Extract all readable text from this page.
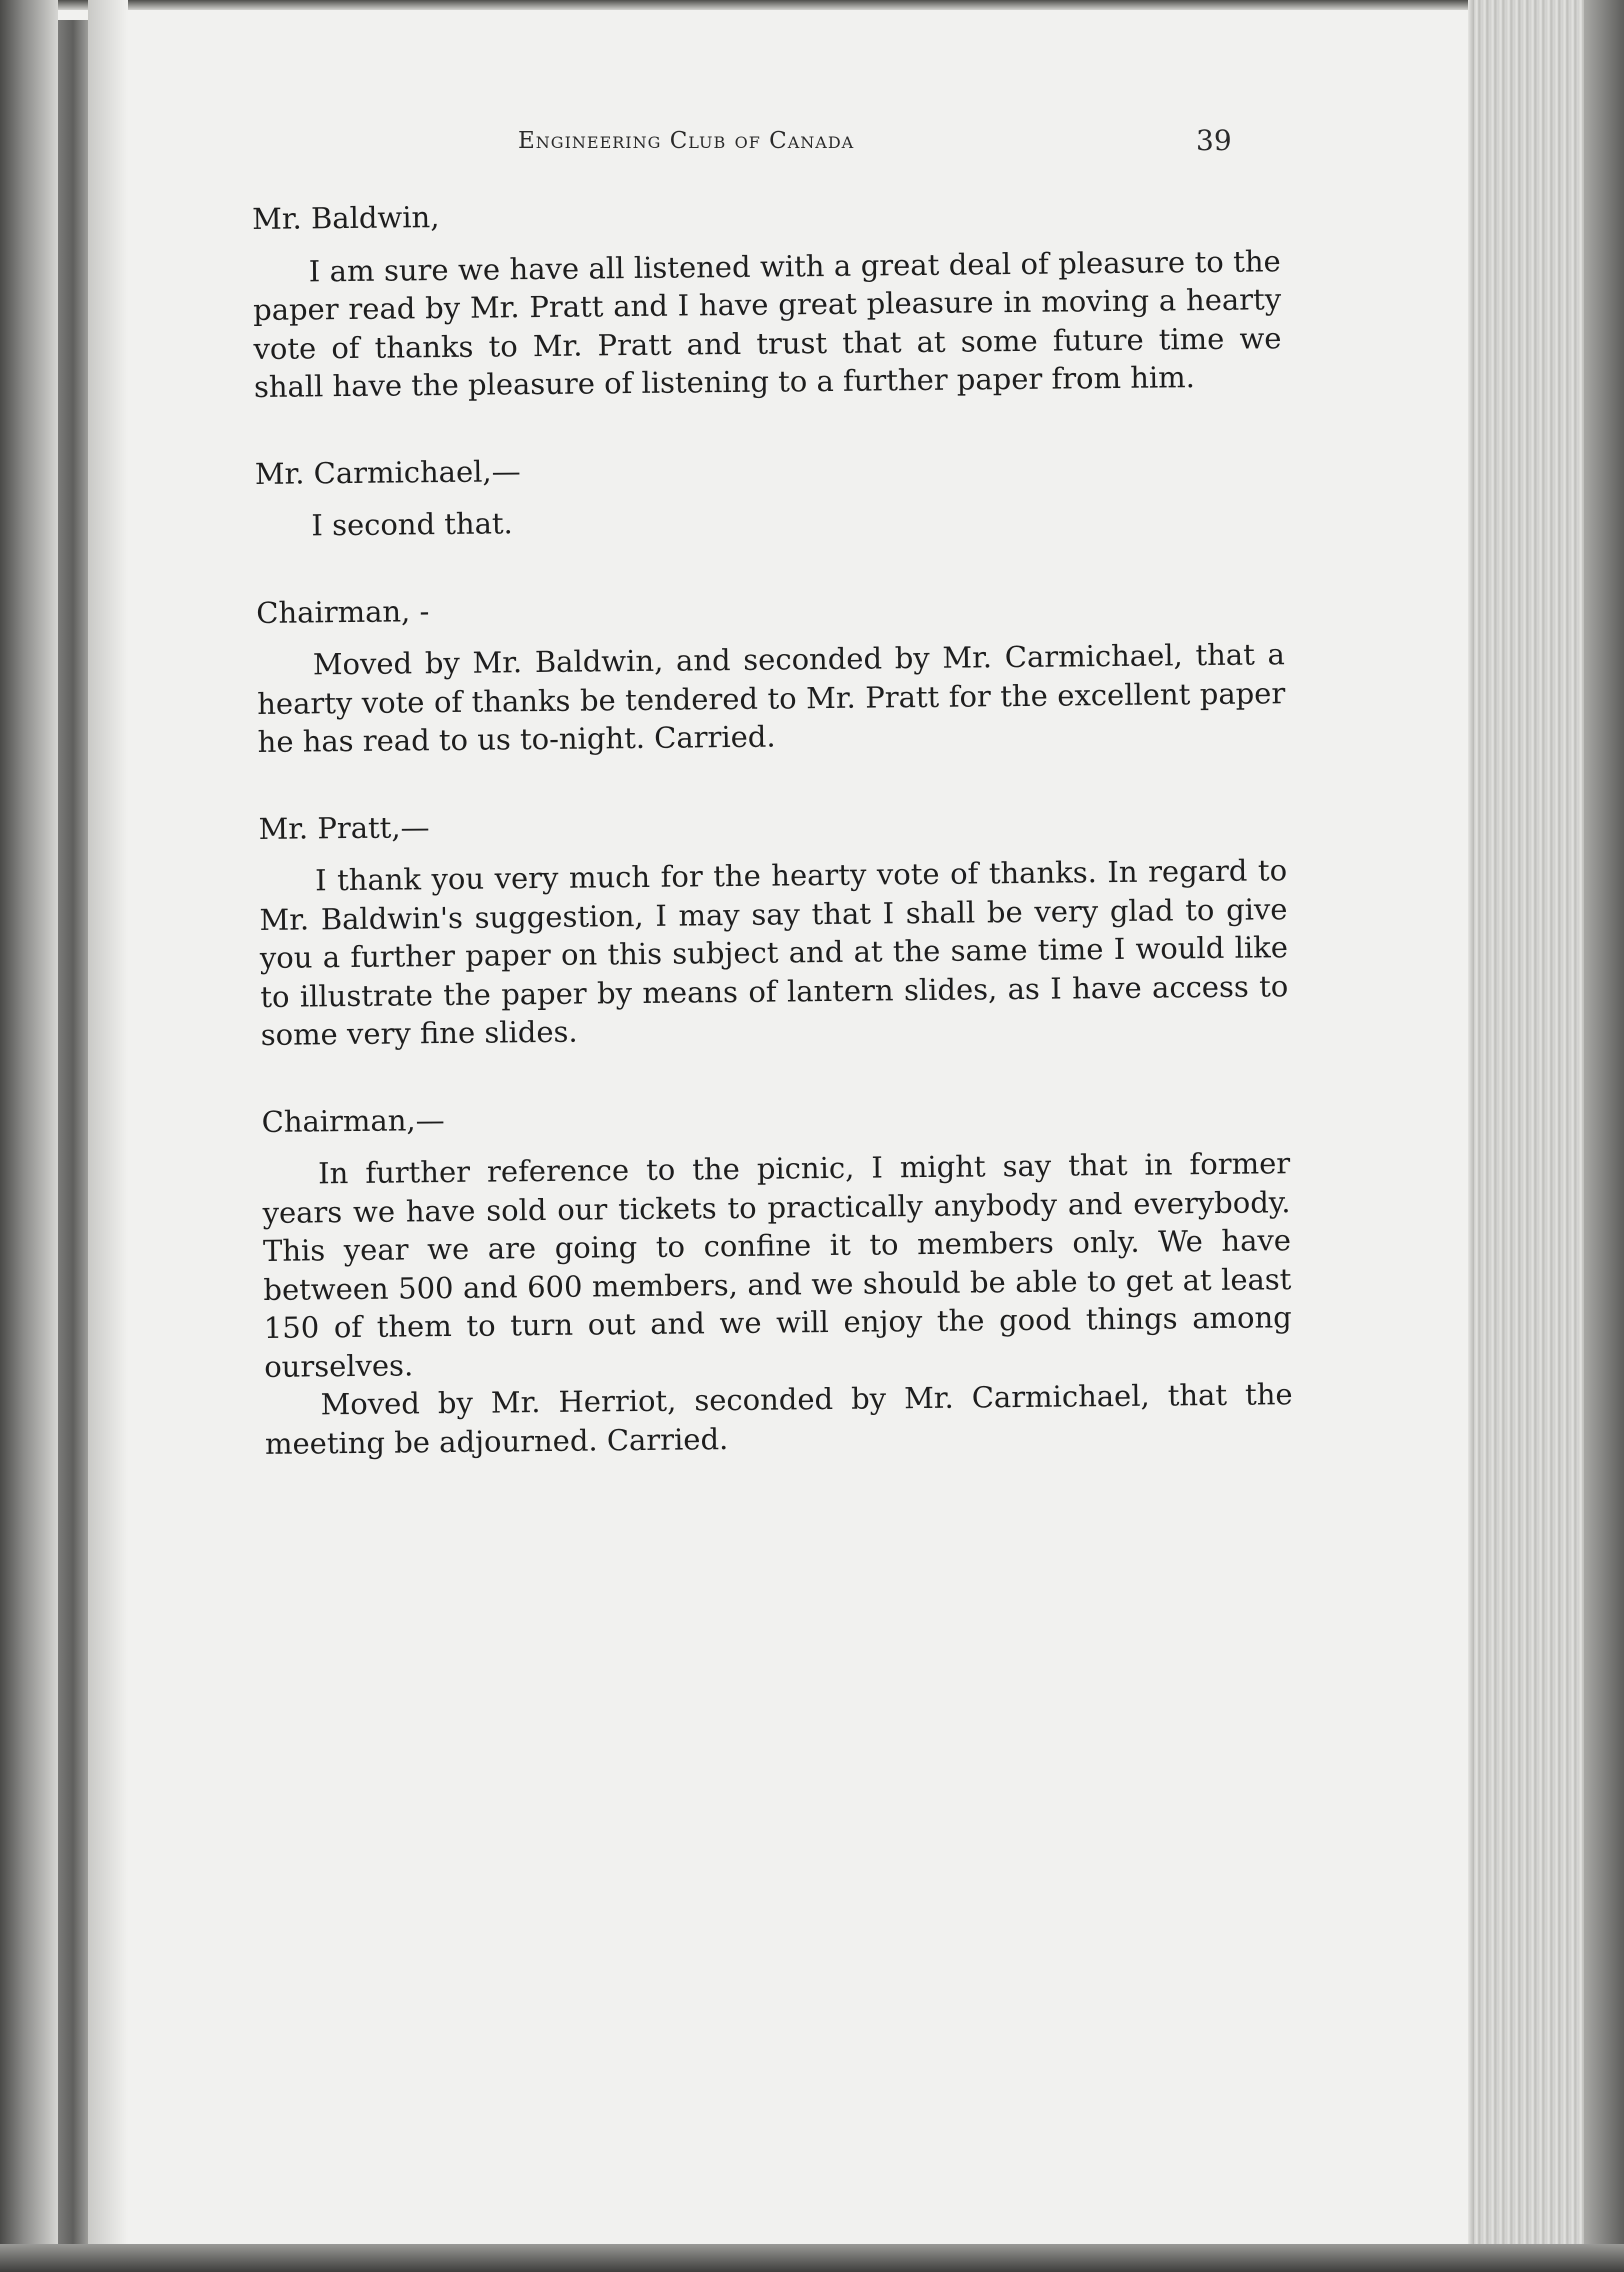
Engineering Club of Canada	39

Mr. Baldwin,

I am sure we have all listened with a great deal of pleasure to the paper read by Mr. Pratt and I have great pleasure in moving a hearty vote of thanks to Mr. Pratt and trust that at some future time we shall have the pleasure of listening to a further paper from him.

Mr. Carmichael,—

I second that.

Chairman, -

Moved by Mr. Baldwin, and seconded by Mr. Carmichael, that a hearty vote of thanks be tendered to Mr. Pratt for the excellent paper he has read to us to-night. Carried.

Mr. Pratt,—

I thank you very much for the hearty vote of thanks. In regard to Mr. Baldwin's suggestion, I may say that I shall be very glad to give you a further paper on this subject and at the same time I would like to illustrate the paper by means of lantern slides, as I have access to some very fine slides.

Chairman,—

In further reference to the picnic, I might say that in former years we have sold our tickets to practically anybody and everybody. This year we are going to confine it to members only. We have between 500 and 600 members, and we should be able to get at least 150 of them to turn out and we will enjoy the good things among ourselves.

Moved by Mr. Herriot, seconded by Mr. Carmichael, that the meeting be adjourned. Carried.
